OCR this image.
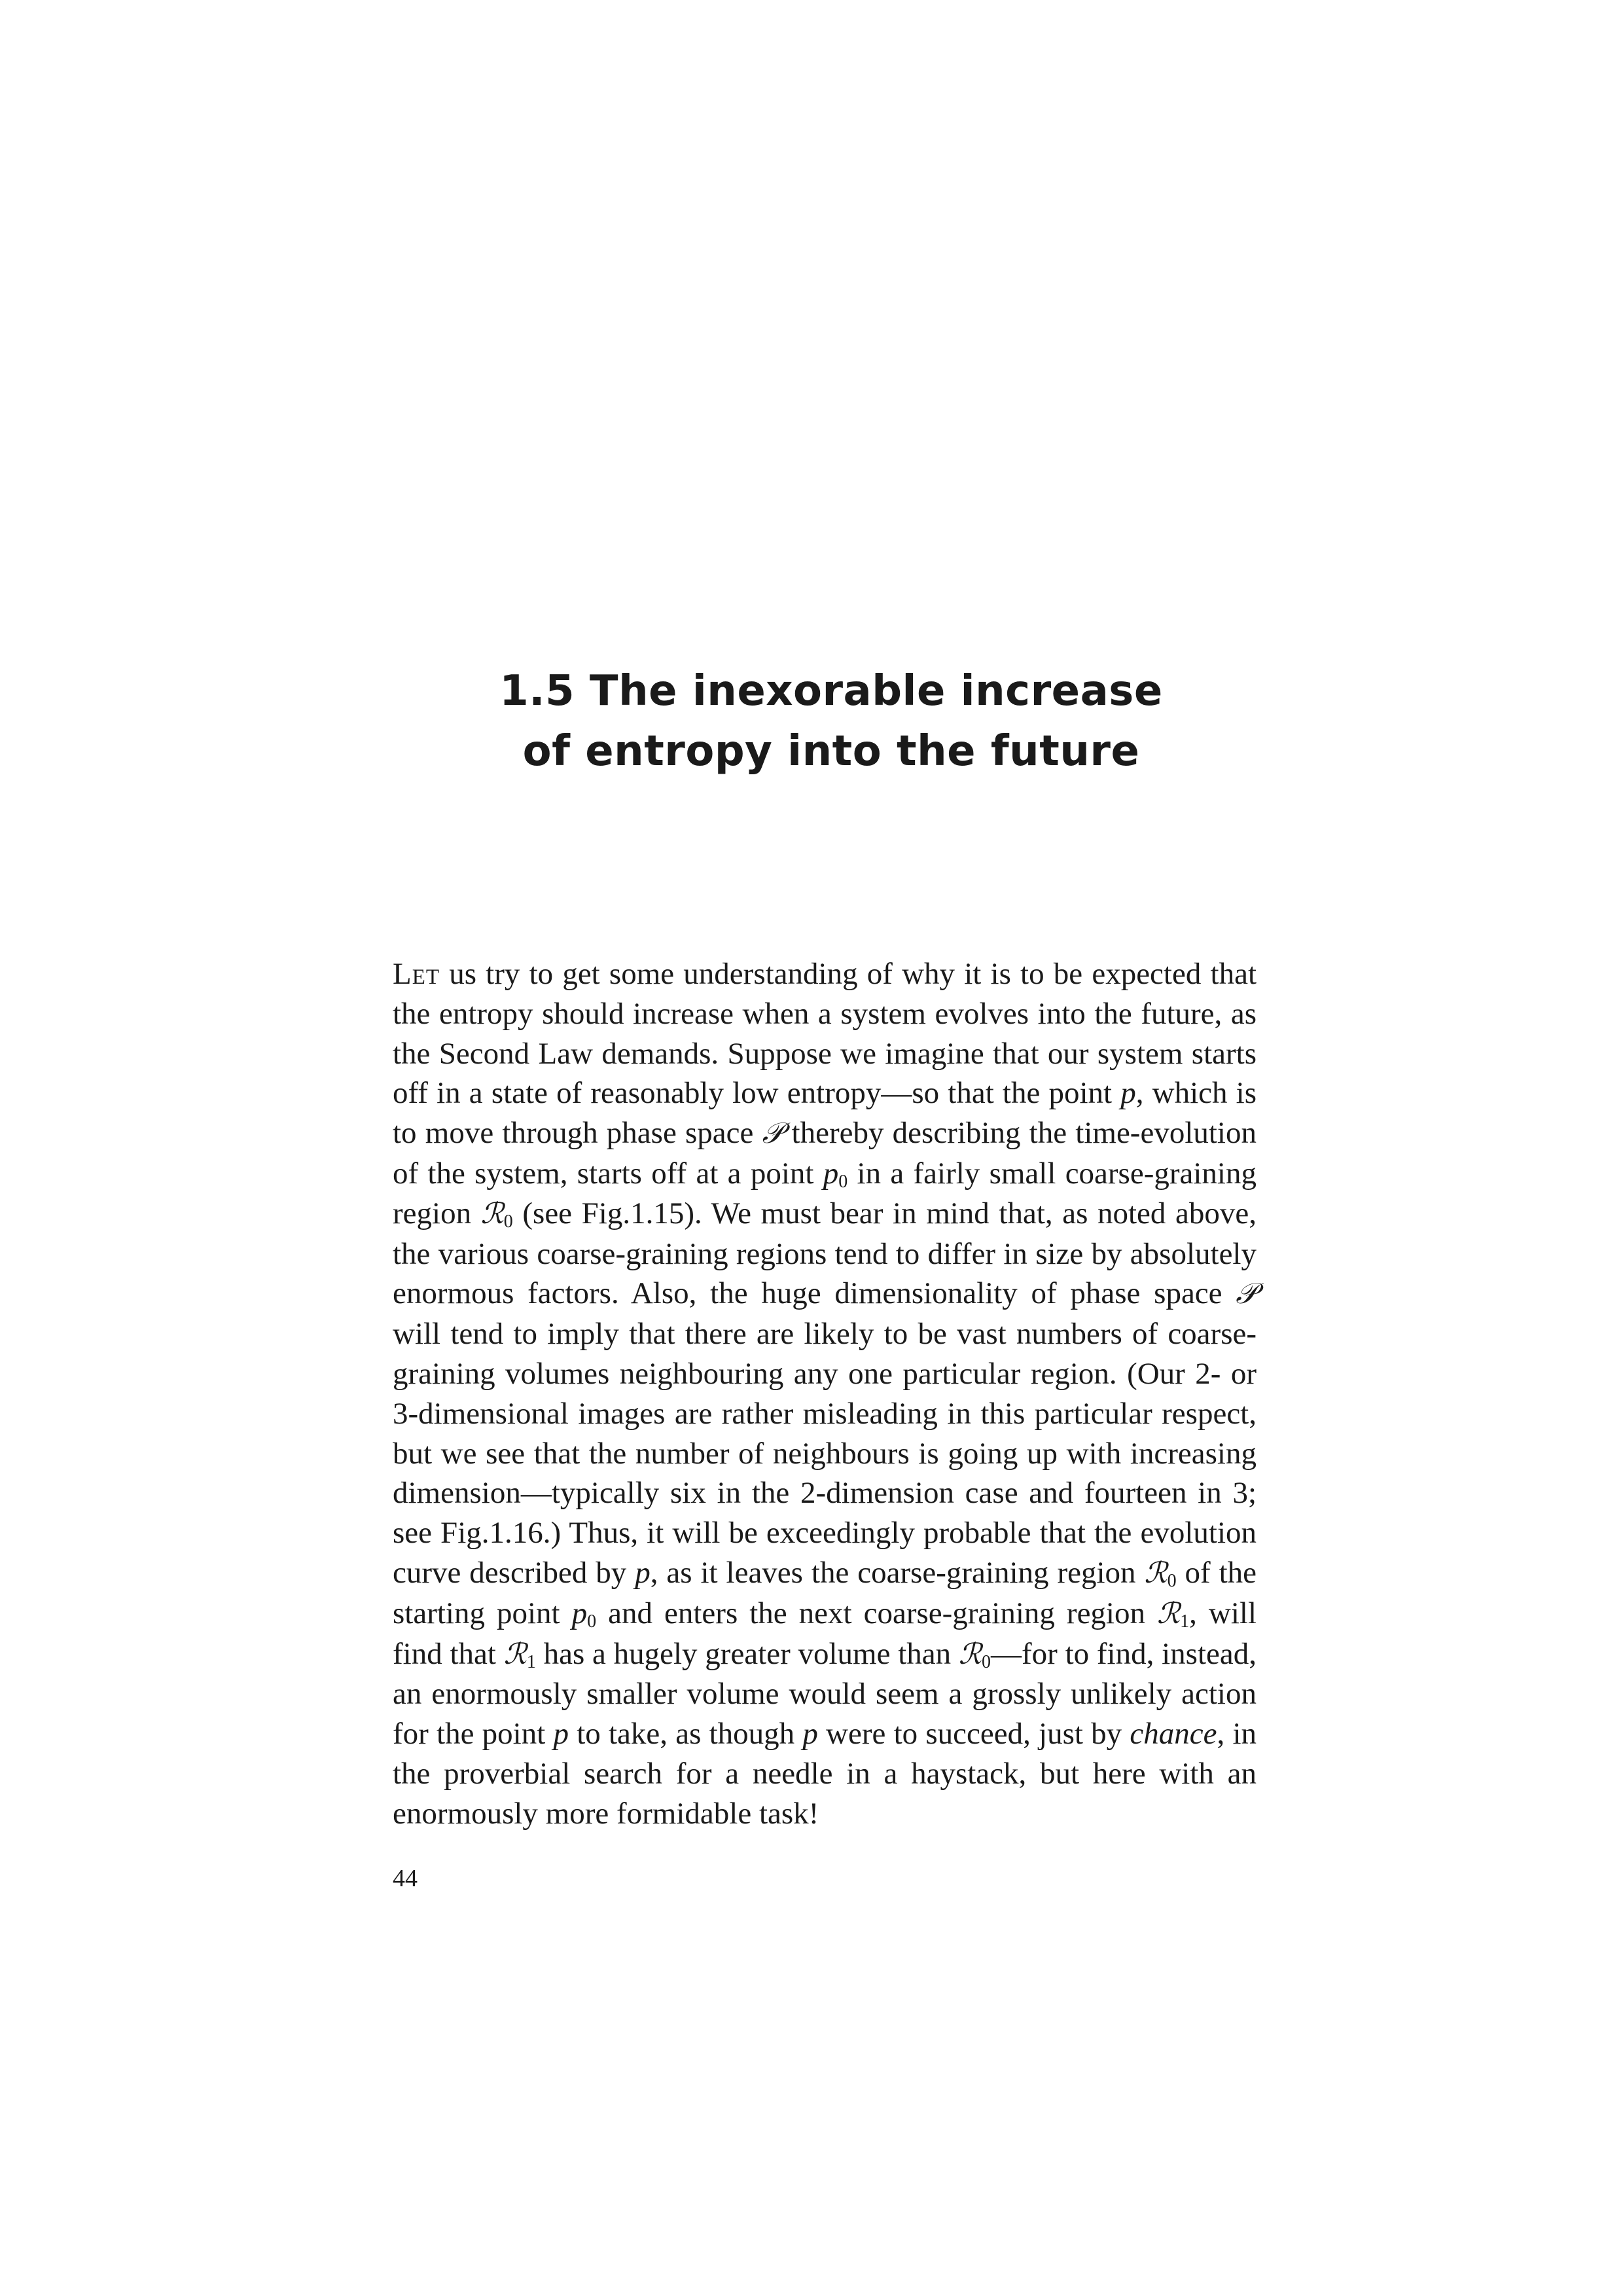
1.5 The inexorable increase
of entropy into the future

Let us try to get some understanding of why it is to be expected that the entropy should increase when a system evolves into the future, as the Second Law demands. Suppose we imagine that our system starts off in a state of reasonably low entropy—so that the point p, which is to move through phase space 𝒫 thereby describing the time-evolution of the system, starts off at a point $p_0$ in a fairly small coarse-graining region ℛ$_0$ (see Fig.1.15). We must bear in mind that, as noted above, the various coarse-graining regions tend to differ in size by absolutely enormous factors. Also, the huge dimensionality of phase space 𝒫 will tend to imply that there are likely to be vast numbers of coarse-graining volumes neighbouring any one particular region. (Our 2- or 3-dimensional images are rather misleading in this particular respect, but we see that the number of neighbours is going up with increasing dimension—typically six in the 2-dimension case and fourteen in 3; see Fig.1.16.) Thus, it will be exceedingly probable that the evolution curve described by p, as it leaves the coarse-graining region ℛ$_0$ of the starting point $p_0$ and enters the next coarse-graining region ℛ$_1$, will find that ℛ$_1$ has a hugely greater volume than ℛ$_0$—for to find, instead, an enormously smaller volume would seem a grossly unlikely action for the point p to take, as though p were to succeed, just by chance, in the proverbial search for a needle in a haystack, but here with an enormously more formidable task!

44
